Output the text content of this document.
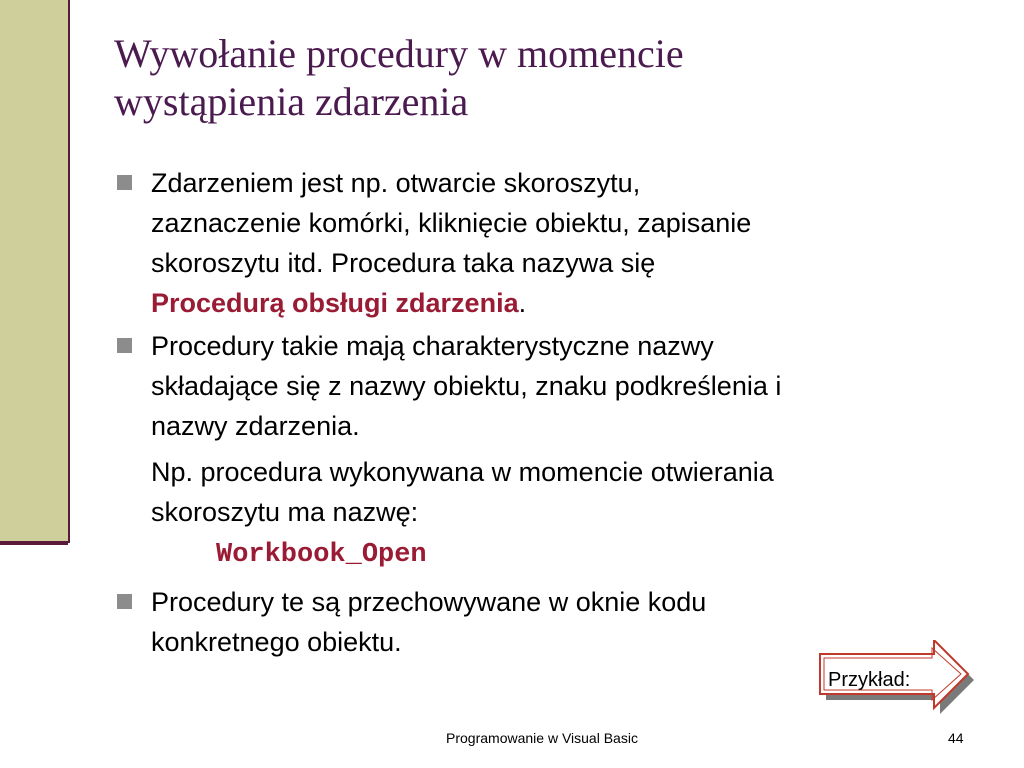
Wywołanie procedury w momencie
wystąpienia zdarzenia
Zdarzeniem jest np. otwarcie skoroszytu,
zaznaczenie komórki, kliknięcie obiektu, zapisanie
skoroszytu itd. Procedura taka nazywa się
Procedurą obsługi zdarzenia.
Procedury takie mają charakterystyczne nazwy
składające się z nazwy obiektu, znaku podkreślenia i
nazwy zdarzenia.
Np. procedura wykonywana w momencie otwierania
skoroszytu ma nazwę:
Workbook_Open
Procedury te są przechowywane w oknie kodu
konkretnego obiektu.
Przykład:
Programowanie w Visual Basic	44
